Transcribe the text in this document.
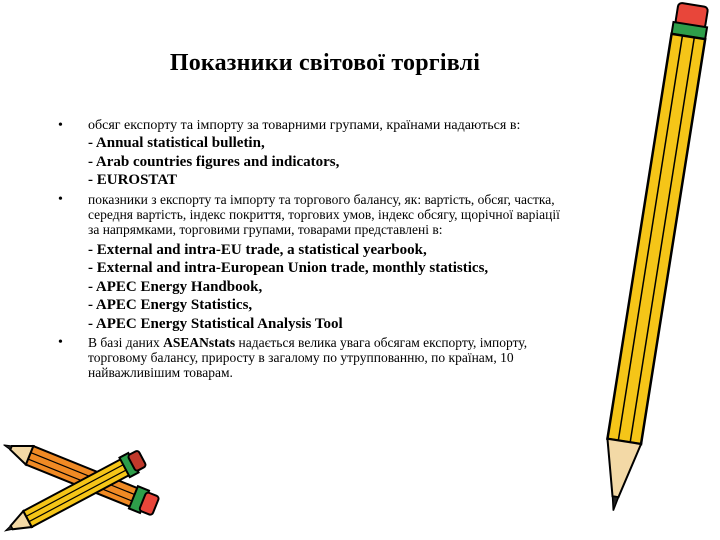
Показники світової торгівлі
• обсяг експорту та імпорту за товарними групами, країнами надаються в:
- Annual statistical bulletin,
- Arab countries figures and indicators,
- EUROSTAT
• показники з експорту та імпорту та торгового балансу, як: вартість, обсяг, частка,
середня вартість, індекс покриття, торгових умов, індекс обсягу, щорічної варіації
за напрямками, торговими групами, товарами представлені в:
- External and intra-EU trade, a statistical yearbook,
- External and intra-European Union trade, monthly statistics,
- APEC Energy Handbook,
- APEC Energy Statistics,
- APEC Energy Statistical Analysis Tool
• В базі даних ASEANstats надається велика увага обсягам експорту, імпорту,
торговому балансу, приросту в загалому по утруппованню, по країнам, 10
найважливішим товарам.
